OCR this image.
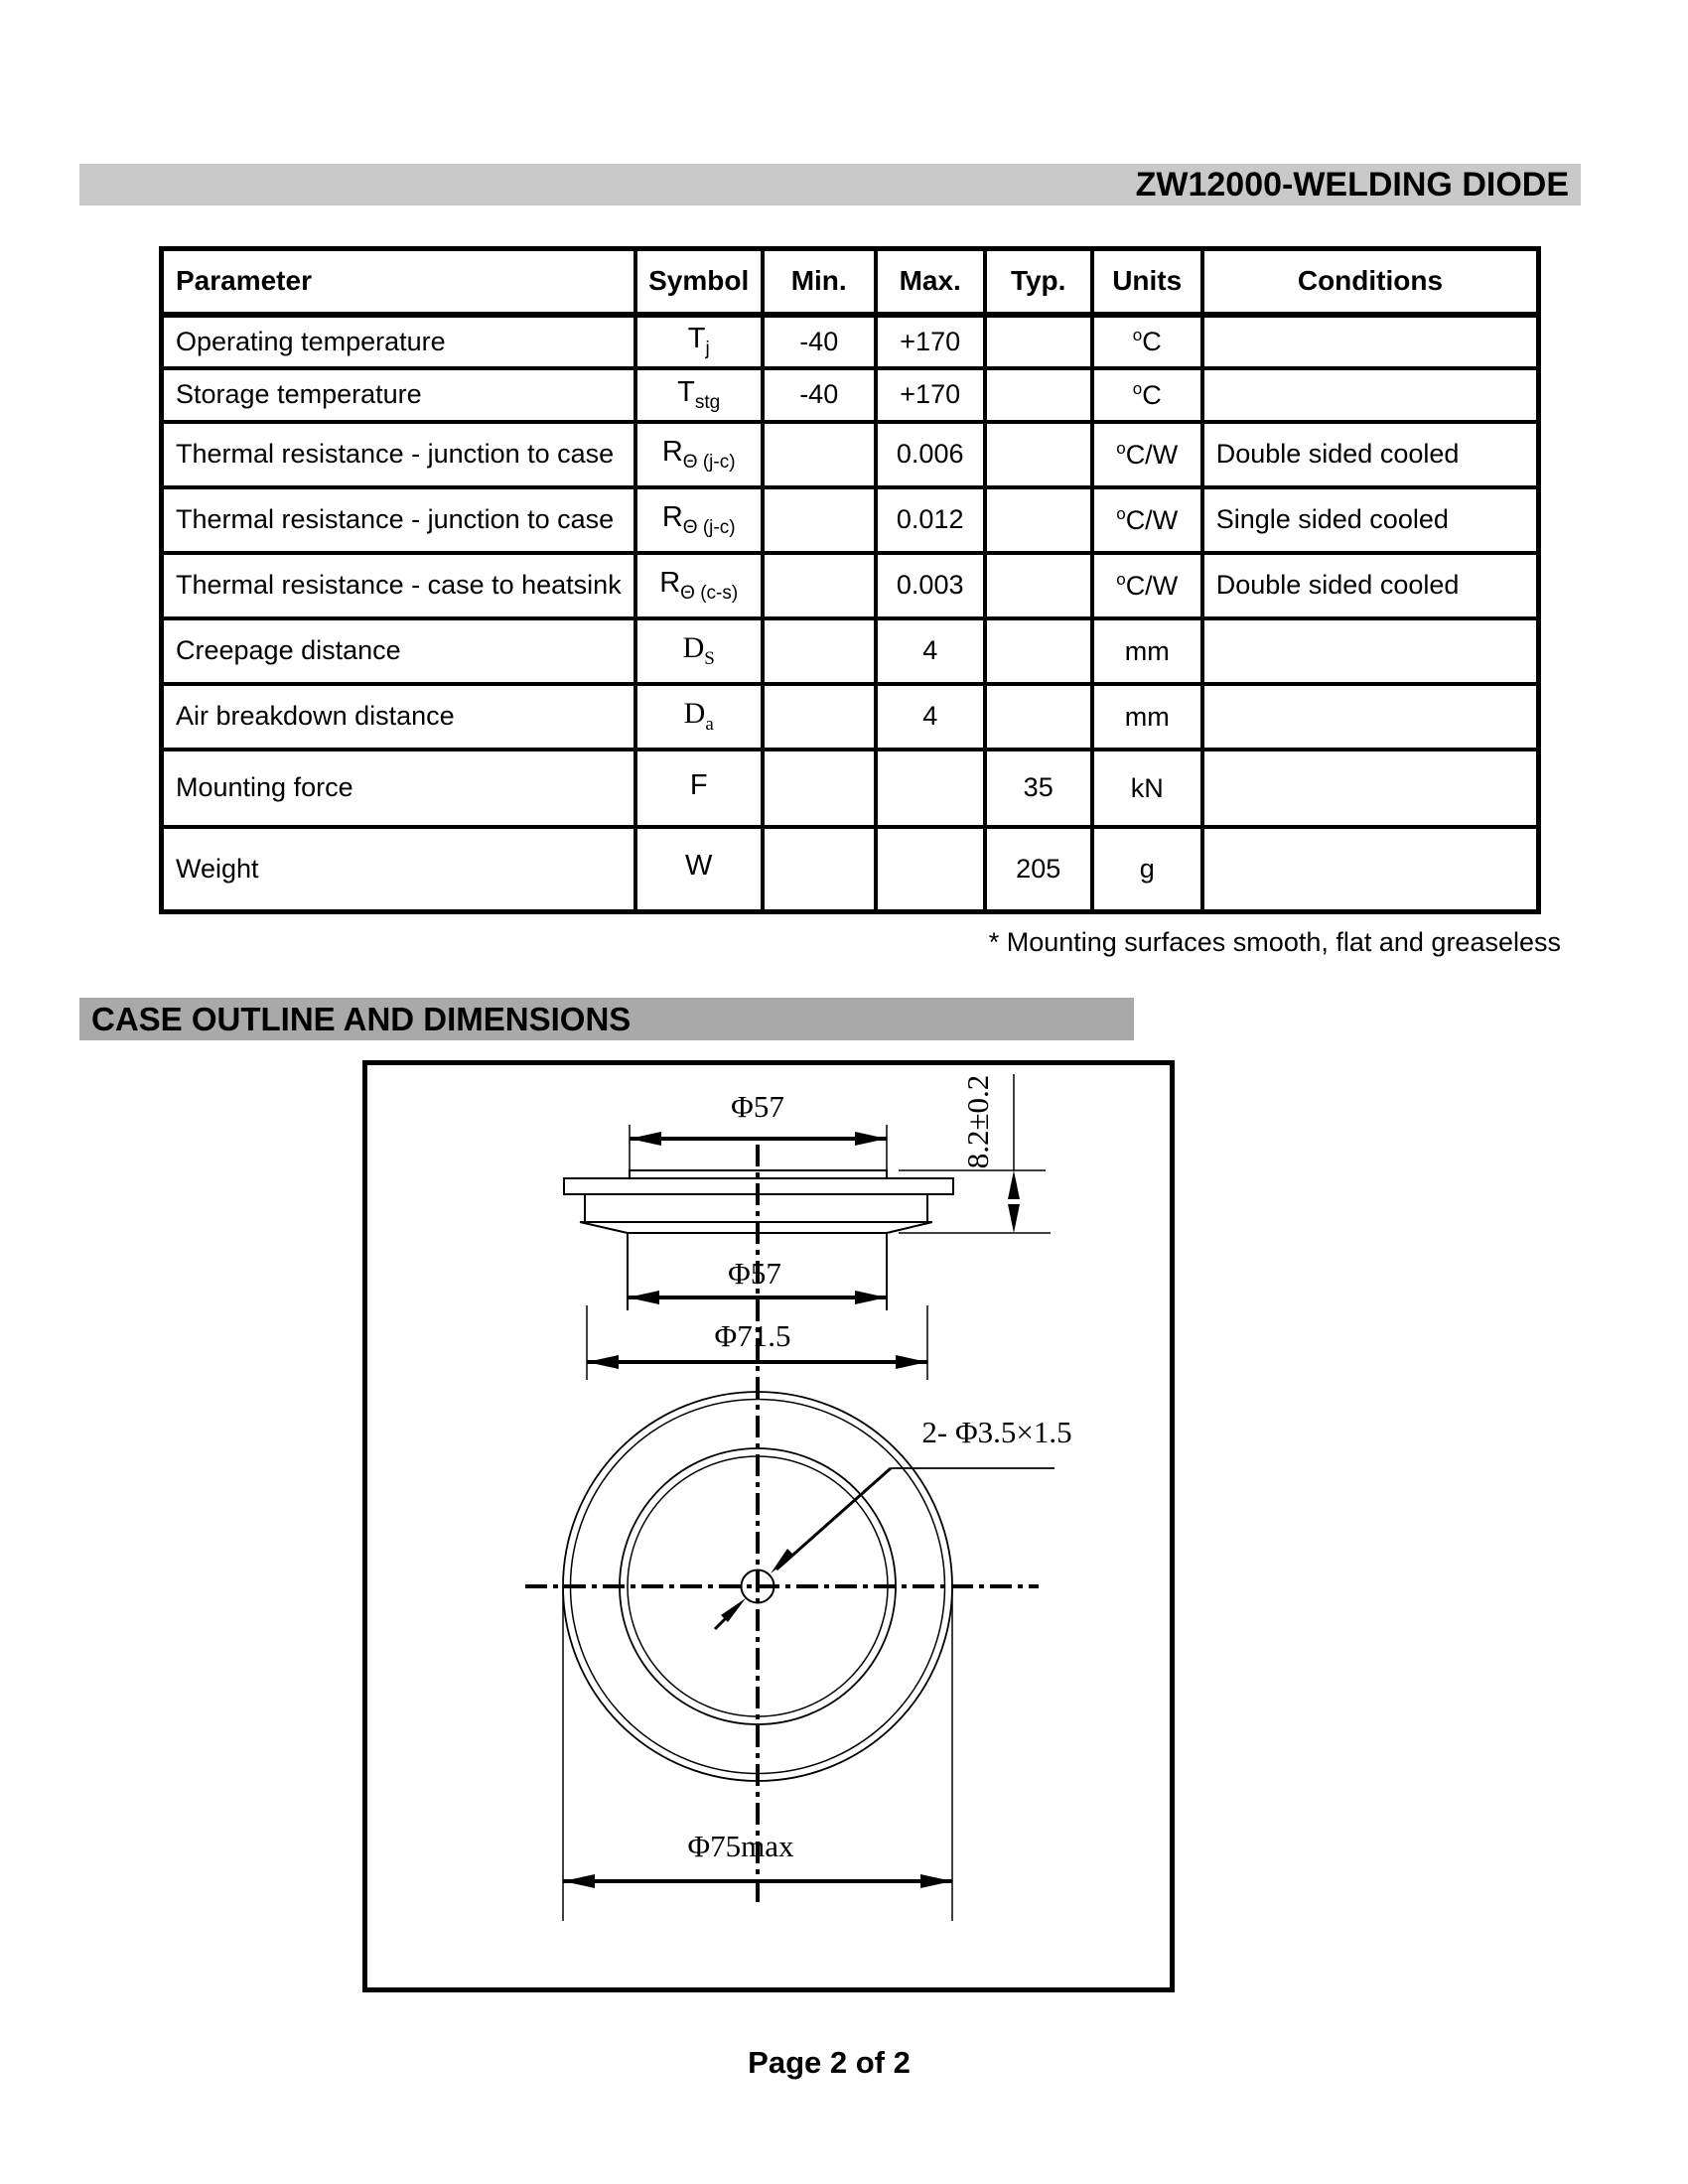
ZW12000-WELDING DIODE
Parameter	Symbol	Min.	Max.	Typ.	Units	Conditions
Operating temperature	$T_j$	-40	+170		$^o$C	
Storage temperature	$T_{stg}$	-40	+170		$^o$C	
Thermal resistance - junction to case	$R_{\Theta (j-c)}$		0.006		$^o$C/W	Double sided cooled
Thermal resistance - junction to case	$R_{\Theta (j-c)}$		0.012		$^o$C/W	Single sided cooled
Thermal resistance - case to heatsink	$R_{\Theta (c-s)}$		0.003		$^o$C/W	Double sided cooled
Creepage distance	$D_S$		4		mm	
Air breakdown distance	$D_a$		4		mm	
Mounting force	F			35	kN	
Weight	W			205	g	
* Mounting surfaces smooth, flat and greaseless
CASE OUTLINE AND DIMENSIONS
Φ57	8.2±0.2
Φ57
Φ71.5
2- Φ3.5×1.5
Φ75max
Page 2 of 2
